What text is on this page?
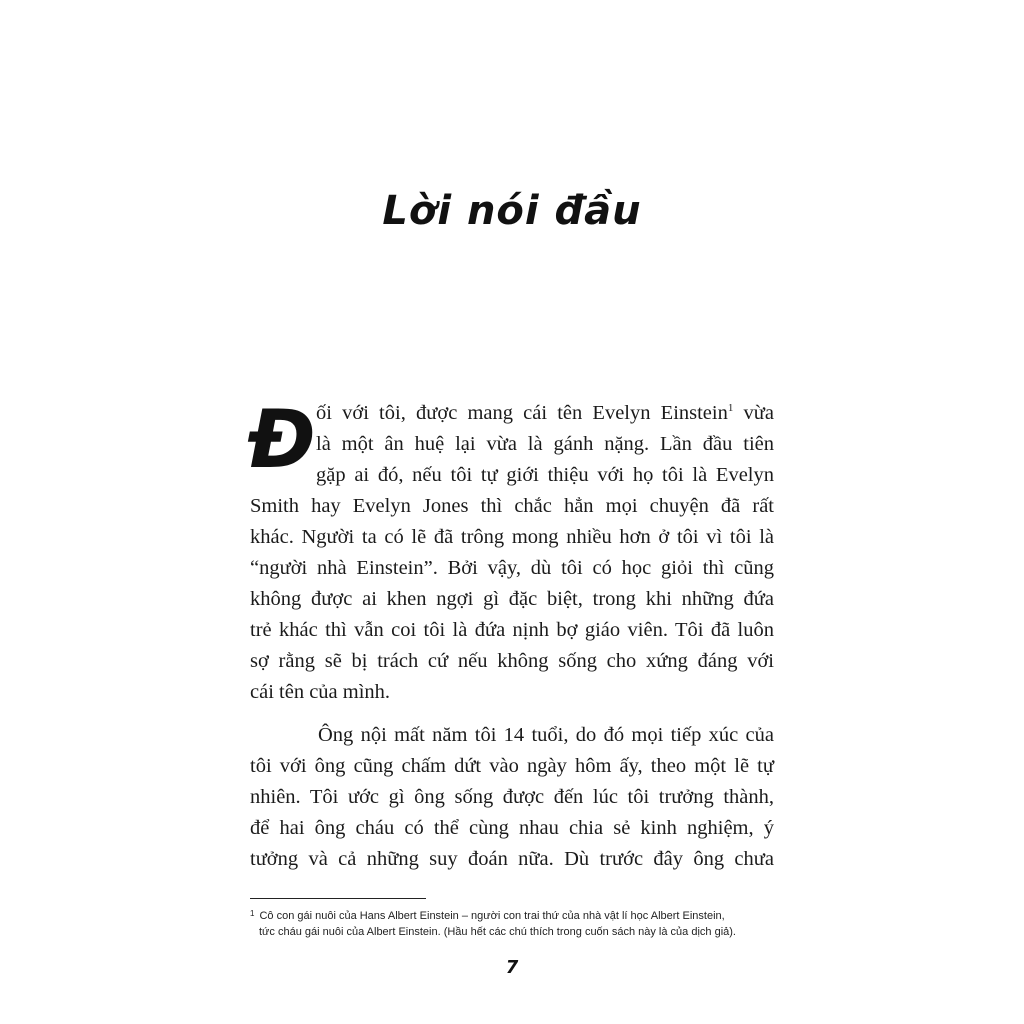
Lời nói đầu
Đ ối với tôi, được mang cái tên Evelyn Einstein$^1$ vừa
là một ân huệ lại vừa là gánh nặng. Lần đầu tiên
gặp ai đó, nếu tôi tự giới thiệu với họ tôi là Evelyn
Smith hay Evelyn Jones thì chắc hẳn mọi chuyện đã rất
khác. Người ta có lẽ đã trông mong nhiều hơn ở tôi vì tôi là
“người nhà Einstein”. Bởi vậy, dù tôi có học giỏi thì cũng
không được ai khen ngợi gì đặc biệt, trong khi những đứa
trẻ khác thì vẫn coi tôi là đứa nịnh bợ giáo viên. Tôi đã luôn
sợ rằng sẽ bị trách cứ nếu không sống cho xứng đáng với
cái tên của mình.
Ông nội mất năm tôi 14 tuổi, do đó mọi tiếp xúc của
tôi với ông cũng chấm dứt vào ngày hôm ấy, theo một lẽ tự
nhiên. Tôi ước gì ông sống được đến lúc tôi trưởng thành,
để hai ông cháu có thể cùng nhau chia sẻ kinh nghiệm, ý
tưởng và cả những suy đoán nữa. Dù trước đây ông chưa
$^1$ Cô con gái nuôi của Hans Albert Einstein – người con trai thứ của nhà vật lí học Albert Einstein,
tức cháu gái nuôi của Albert Einstein. (Hầu hết các chú thích trong cuốn sách này là của dịch giả).
7
